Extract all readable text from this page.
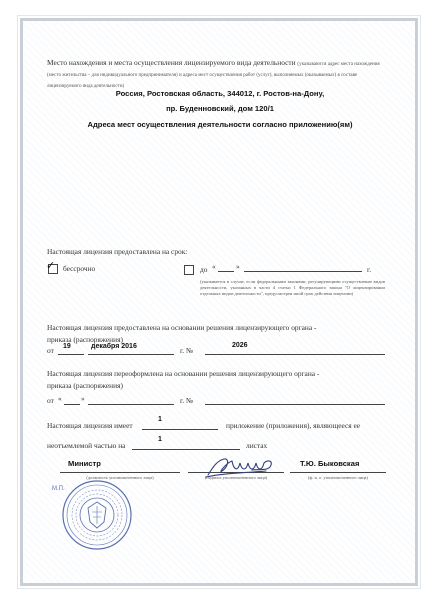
Место нахождения и места осуществления лицензируемого вида деятельности (указываются адрес места нахождения (место жительства – для индивидуального предпринимателя) и адреса мест осуществления работ (услуг), выполняемых (оказываемых) в составе лицензируемого вида деятельности)
Россия, Ростовская область, 344012, г. Ростов-на-Дону,
пр. Буденновский, дом 120/1
Адреса мест осуществления деятельности согласно приложению(ям)
Настоящая лицензия предоставлена на срок:
✓ бессрочно	до «	»	г.
(указывается в случае, если федеральными законами, регулирующими осуществление видов деятельности, указанных в части 4 статьи 1 Федерального закона "О лицензировании отдельных видов деятельности", предусмотрен иной срок действия лицензии)
Настоящая лицензия предоставлена на основании решения лицензирующего органа -
приказа (распоряжения)
от 19	декабря 2016	г. №
2026
Настоящая лицензия переоформлена на основании решения лицензирующего органа -
приказа (распоряжения)
от «	»	г. №
Настоящая лицензия имеет
1
приложение (приложения), являющееся ее
неотъемлемой частью на
1
листах
Министр
(должность уполномоченного лица)	(подпись уполномоченного лица)
Т.Ю. Быковская
(ф. и. о. уполномоченного лица)
М.П.
